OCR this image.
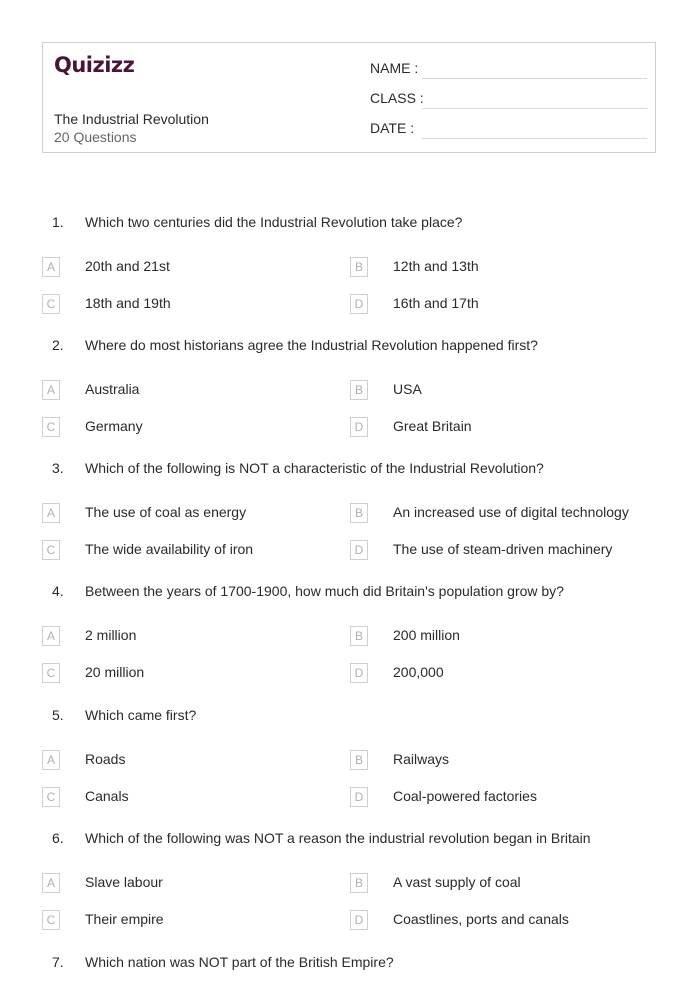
Quizizz
The Industrial Revolution
20 Questions
NAME :
CLASS :
DATE :
1. Which two centuries did the Industrial Revolution take place?
A	20th and 21st	B	12th and 13th
C	18th and 19th	D	16th and 17th
2. Where do most historians agree the Industrial Revolution happened first?
A	Australia	B	USA
C	Germany	D	Great Britain
3. Which of the following is NOT a characteristic of the Industrial Revolution?
A	The use of coal as energy	B	An increased use of digital technology
C	The wide availability of iron	D	The use of steam-driven machinery
4. Between the years of 1700-1900, how much did Britain's population grow by?
A	2 million	B	200 million
C	20 million	D	200,000
5. Which came first?
A	Roads	B	Railways
C	Canals	D	Coal-powered factories
6. Which of the following was NOT a reason the industrial revolution began in Britain
A	Slave labour	B	A vast supply of coal
C	Their empire	D	Coastlines, ports and canals
7. Which nation was NOT part of the British Empire?
